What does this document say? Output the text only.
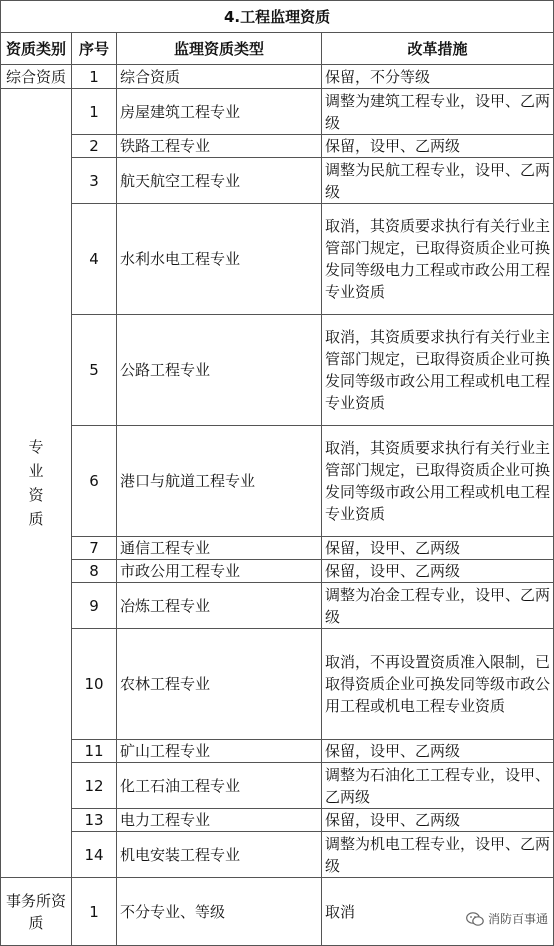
4.工程监理资质			
资质类别	序号	监理资质类型	改革措施
综合资质	1	综合资质	保留，不分等级
专业资质	1	房屋建筑工程专业	调整为建筑工程专业，设甲、乙两级
	2	铁路工程专业	保留，设甲、乙两级
	3	航天航空工程专业	调整为民航工程专业，设甲、乙两级
	4	水利水电工程专业	取消，其资质要求执行有关行业主管部门规定，已取得资质企业可换发同等级电力工程或市政公用工程专业资质
	5	公路工程专业	取消，其资质要求执行有关行业主管部门规定，已取得资质企业可换发同等级市政公用工程或机电工程专业资质
	6	港口与航道工程专业	取消，其资质要求执行有关行业主管部门规定，已取得资质企业可换发同等级市政公用工程或机电工程专业资质
	7	通信工程专业	保留，设甲、乙两级
	8	市政公用工程专业	保留，设甲、乙两级
	9	冶炼工程专业	调整为冶金工程专业，设甲、乙两级
	10	农林工程专业	取消，不再设置资质准入限制，已取得资质企业可换发同等级市政公用工程或机电工程专业资质
	11	矿山工程专业	保留，设甲、乙两级
	12	化工石油工程专业	调整为石油化工工程专业，设甲、乙两级
	13	电力工程专业	保留，设甲、乙两级
	14	机电安装工程专业	调整为机电工程专业，设甲、乙两级
事务所资质	1	不分专业、等级	取消
消防百事通
